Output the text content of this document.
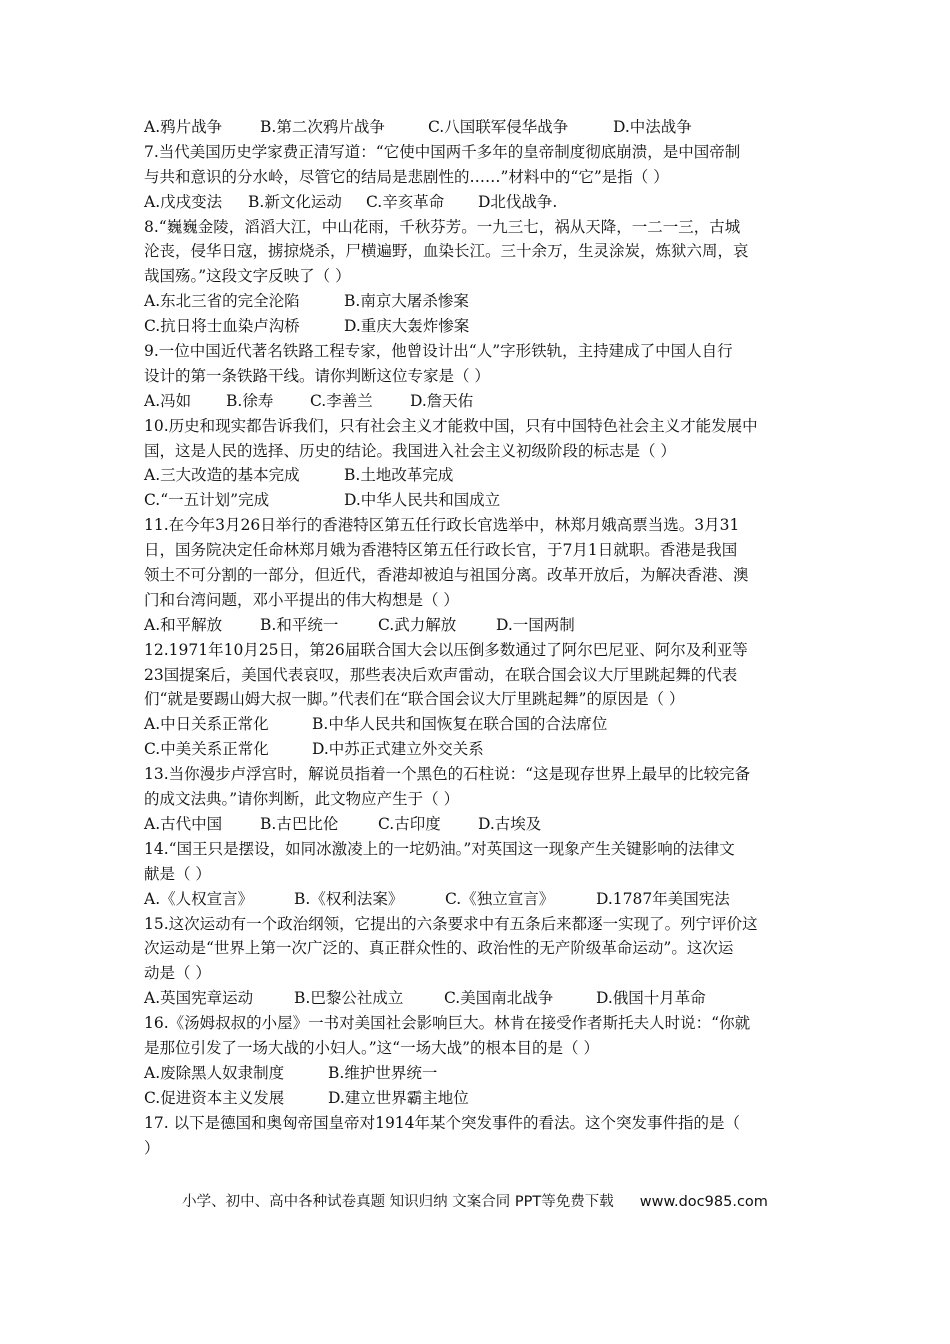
A.鸦片战争	B.第二次鸦片战争	C.八国联军侵华战争	D.中法战争
7.当代美国历史学家费正清写道：“它使中国两千多年的皇帝制度彻底崩溃，是中国帝制
与共和意识的分水岭，尽管它的结局是悲剧性的……”材料中的“它”是指（ ）
A.戊戌变法	B.新文化运动	C.辛亥革命	D北伐战争.
8.“巍巍金陵，滔滔大江，中山花雨，千秋芬芳。一九三七，祸从天降，一二一三，古城
沦丧，侵华日寇，掳掠烧杀，尸横遍野，血染长江。三十余万，生灵涂炭，炼狱六周，哀
哉国殇。”这段文字反映了（ ）
A.东北三省的完全沦陷	B.南京大屠杀惨案
C.抗日将士血染卢沟桥	D.重庆大轰炸惨案
9.一位中国近代著名铁路工程专家，他曾设计出“人”字形铁轨，主持建成了中国人自行
设计的第一条铁路干线。请你判断这位专家是（ ）
A.冯如	B.徐寿	C.李善兰	D.詹天佑
10.历史和现实都告诉我们，只有社会主义才能救中国，只有中国特色社会主义才能发展中
国，这是人民的选择、历史的结论。我国进入社会主义初级阶段的标志是（ ）
A.三大改造的基本完成	B.土地改革完成
C.“一五计划”完成	D.中华人民共和国成立
11.在今年3月26日举行的香港特区第五任行政长官选举中，林郑月娥高票当选。3月31
日，国务院决定任命林郑月娥为香港特区第五任行政长官，于7月1日就职。香港是我国
领土不可分割的一部分，但近代，香港却被迫与祖国分离。改革开放后，为解决香港、澳
门和台湾问题，邓小平提出的伟大构想是（ ）
A.和平解放	B.和平统一	C.武力解放	D.一国两制
12.1971年10月25日，第26届联合国大会以压倒多数通过了阿尔巴尼亚、阿尔及利亚等
23国提案后，美国代表哀叹，那些表决后欢声雷动，在联合国会议大厅里跳起舞的代表
们“就是要踢山姆大叔一脚。”代表们在“联合国会议大厅里跳起舞”的原因是（ ）
A.中日关系正常化	B.中华人民共和国恢复在联合国的合法席位
C.中美关系正常化	D.中苏正式建立外交关系
13.当你漫步卢浮宫时，解说员指着一个黑色的石柱说：“这是现存世界上最早的比较完备
的成文法典。”请你判断，此文物应产生于（ ）
A.古代中国	B.古巴比伦	C.古印度	D.古埃及
14.“国王只是摆设，如同冰激凌上的一坨奶油。”对英国这一现象产生关键影响的法律文
献是（ ）
A.《人权宣言》	B.《权利法案》	C.《独立宣言》	D.1787年美国宪法
15.这次运动有一个政治纲领，它提出的六条要求中有五条后来都逐一实现了。列宁评价这
次运动是“世界上第一次广泛的、真正群众性的、政治性的无产阶级革命运动”。这次运
动是（ ）
A.英国宪章运动	B.巴黎公社成立	C.美国南北战争	D.俄国十月革命
16.《汤姆叔叔的小屋》一书对美国社会影响巨大。林肯在接受作者斯托夫人时说：“你就
是那位引发了一场大战的小妇人。”这“一场大战”的根本目的是（ ）
A.废除黑人奴隶制度	B.维护世界统一
C.促进资本主义发展	D.建立世界霸主地位
17. 以下是德国和奥匈帝国皇帝对1914年某个突发事件的看法。这个突发事件指的是（
）
小学、初中、高中各种试卷真题 知识归纳 文案合同 PPT等免费下载 www.doc985.com
